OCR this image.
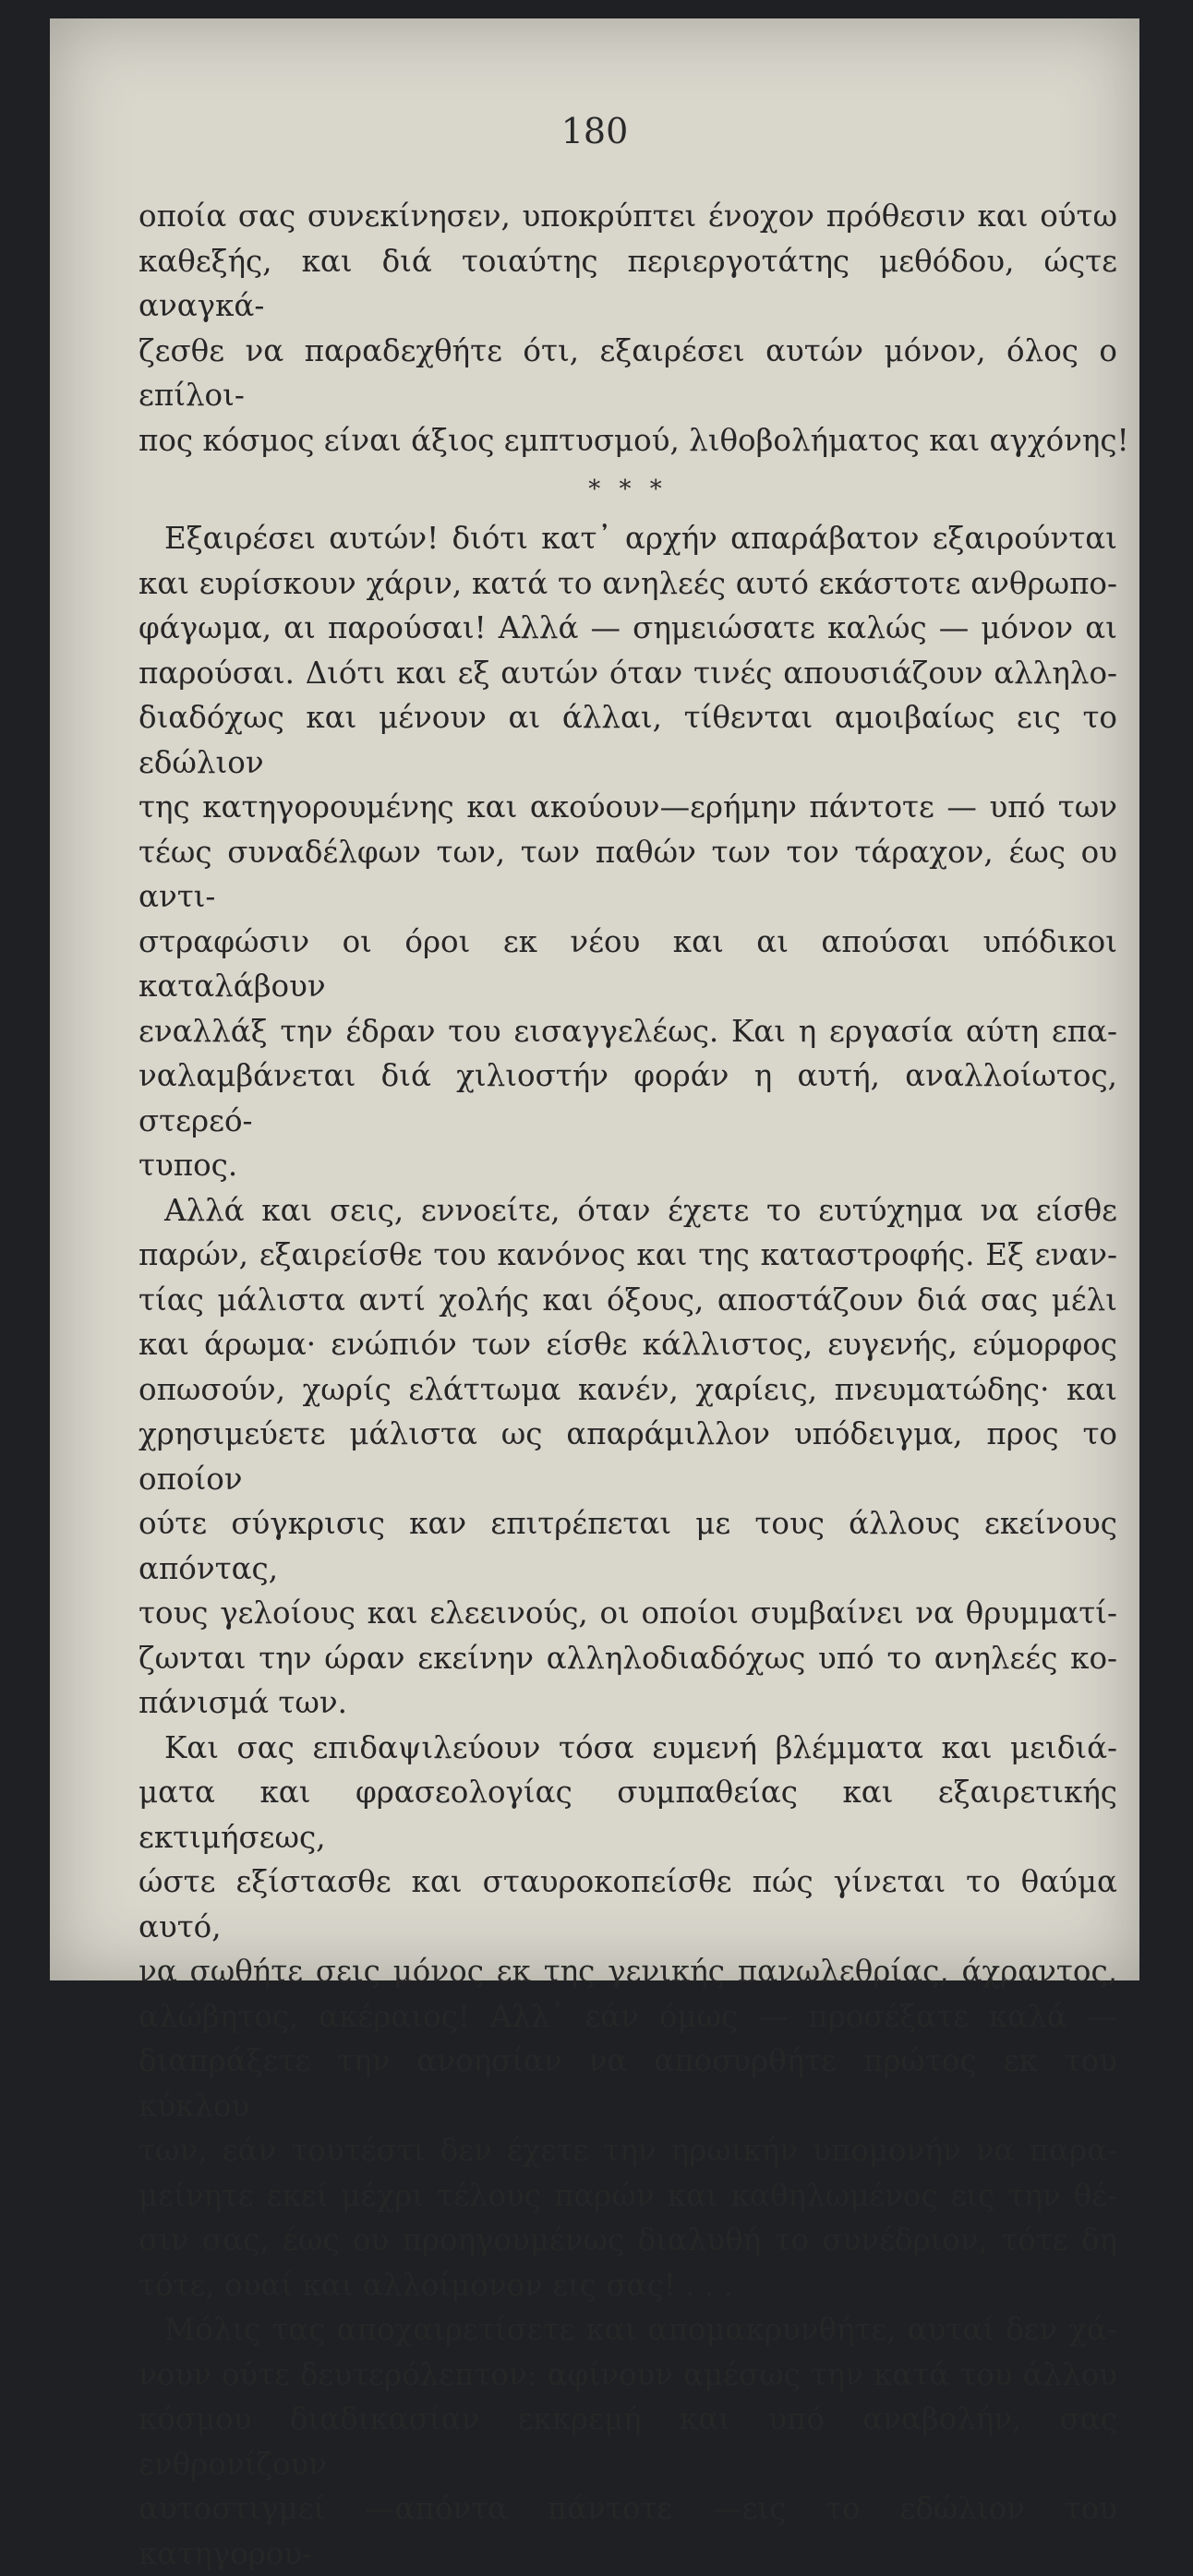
180
οποία σας συνεκίνησεν, υποκρύπτει ένοχον πρόθεσιν και ούτω
καθεξής, και διά τοιαύτης περιεργοτάτης μεθόδου, ώςτε αναγκά-
ζεσθε να παραδεχθήτε ότι, εξαιρέσει αυτών μόνον, όλος ο επίλοι-
πος κόσμος είναι άξιος εμπτυσμού, λιθοβολήματος και αγχόνης!
* * *
Εξαιρέσει αυτών! διότι κατ᾽ αρχήν απαράβατον εξαιρούνται
και ευρίσκουν χάριν, κατά το ανηλεές αυτό εκάστοτε ανθρωπο-
φάγωμα, αι παρούσαι! Αλλά — σημειώσατε καλώς — μόνον αι
παρούσαι. Διότι και εξ αυτών όταν τινές απουσιάζουν αλληλο-
διαδόχως και μένουν αι άλλαι, τίθενται αμοιβαίως εις το εδώλιον
της κατηγορουμένης και ακούουν—ερήμην πάντοτε — υπό των
τέως συναδέλφων των, των παθών των τον τάραχον, έως ου αντι-
στραφώσιν οι όροι εκ νέου και αι απούσαι υπόδικοι καταλάβουν
εναλλάξ την έδραν του εισαγγελέως. Και η εργασία αύτη επα-
ναλαμβάνεται διά χιλιοστήν φοράν η αυτή, αναλλοίωτος, στερεό-
τυπος.
Αλλά και σεις, εννοείτε, όταν έχετε το ευτύχημα να είσθε
παρών, εξαιρείσθε του κανόνος και της καταστροφής. Εξ εναν-
τίας μάλιστα αντί χολής και όξους, αποστάζουν διά σας μέλι
και άρωμα· ενώπιόν των είσθε κάλλιστος, ευγενής, εύμορφος
οπωσούν, χωρίς ελάττωμα κανέν, χαρίεις, πνευματώδης· και
χρησιμεύετε μάλιστα ως απαράμιλλον υπόδειγμα, προς το οποίον
ούτε σύγκρισις καν επιτρέπεται με τους άλλους εκείνους απόντας,
τους γελοίους και ελεεινούς, οι οποίοι συμβαίνει να θρυμματί-
ζωνται την ώραν εκείνην αλληλοδιαδόχως υπό το ανηλεές κο-
πάνισμά των.
Και σας επιδαψιλεύουν τόσα ευμενή βλέμματα και μειδιά-
ματα και φρασεολογίας συμπαθείας και εξαιρετικής εκτιμήσεως,
ώστε εξίστασθε και σταυροκοπείσθε πώς γίνεται το θαύμα αυτό,
να σωθήτε σεις μόνος εκ της γενικής πανωλεθρίας, άχραντος,
αλώβητος, ακέραιος! Αλλ᾽ εάν όμως — προσέξατε καλά —
διαπράξετε την ανοησίαν να αποσυρθήτε πρώτος εκ του κύκλου
των, εάν τουτέστι δεν έχετε την ηρωικήν υπομονήν να παρα-
μείνητε εκεί μέχρι τέλους παρών και καθηλωμένος εις την θέ-
σιν σας, έως ου προηγουμένως διαλυθή το συνέδριον, τότε δη
τότε, ουαί και αλλοίμονον εις σας! . . .
Μόλις τας αποχαιρετίσετε και απομακρυνθήτε, αυταί δεν χά-
νουν ούτε δευτερόλεπτον: αφίνουν αμέσως την κατά του άλλου
κόσμου διαδικασίαν εκκρεμή και υπό αναβολήν, σας ενθρονίζουν
αυτοστιγμεί —απόντα πάντοτε —εις το εδώλιον του κατηγορου-
